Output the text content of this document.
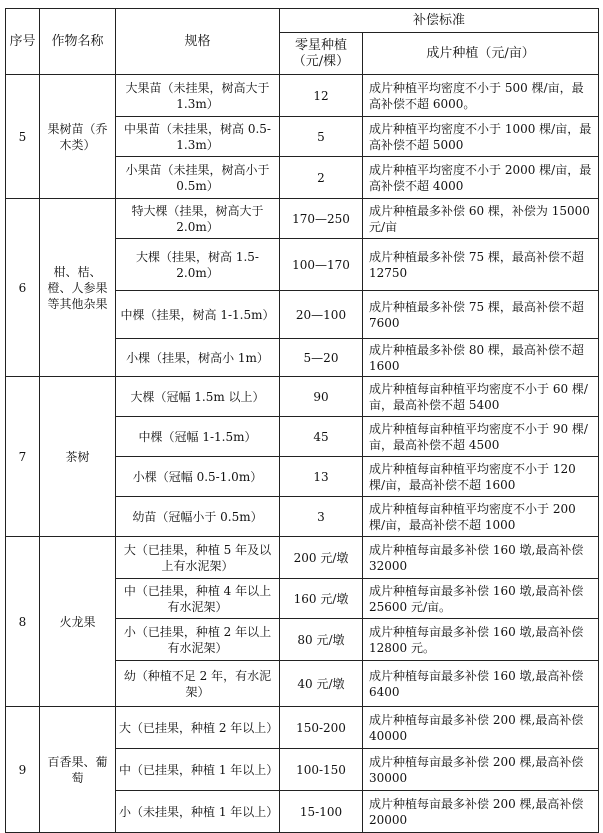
序号	作物名称	规格	补偿标准	
			零星种植（元/棵）	成片种植（元/亩）
5	果树苗（乔木类）	大果苗（未挂果，树高大于 1.3m）	12	成片种植平均密度不小于 500 棵/亩，最高补偿不超 6000。
		中果苗（未挂果，树高 0.5-1.3m）	5	成片种植平均密度不小于 1000 棵/亩，最高补偿不超 5000
		小果苗（未挂果，树高小于 0.5m）	2	成片种植平均密度不小于 2000 棵/亩，最高补偿不超 4000
6	柑、桔、橙、人参果等其他杂果	特大棵（挂果，树高大于 2.0m）	170—250	成片种植最多补偿 60 棵，补偿为 15000 元/亩
		大棵（挂果，树高 1.5-2.0m）	100—170	成片种植最多补偿 75 棵，最高补偿不超 12750
		中棵（挂果，树高 1-1.5m）	20—100	成片种植最多补偿 75 棵，最高补偿不超 7600
		小棵（挂果，树高小 1m）	5—20	成片种植最多补偿 80 棵，最高补偿不超 1600
7	茶树	大棵（冠幅 1.5m 以上）	90	成片种植每亩种植平均密度不小于 60 棵/亩，最高补偿不超 5400
		中棵（冠幅 1-1.5m）	45	成片种植每亩种植平均密度不小于 90 棵/亩，最高补偿不超 4500
		小棵（冠幅 0.5-1.0m）	13	成片种植每亩种植平均密度不小于 120 棵/亩，最高补偿不超 1600
		幼苗（冠幅小于 0.5m）	3	成片种植每亩种植平均密度不小于 200 棵/亩，最高补偿不超 1000
8	火龙果	大（已挂果，种植 5 年及以上有水泥架）	200 元/墩	成片种植每亩最多补偿 160 墩,最高补偿 32000
		中（已挂果，种植 4 年以上有水泥架）	160 元/墩	成片种植每亩最多补偿 160 墩,最高补偿 25600 元/亩。
		小（已挂果，种植 2 年以上有水泥架）	80 元/墩	成片种植每亩最多补偿 160 墩,最高补偿 12800 元。
		幼（种植不足 2 年，有水泥架）	40 元/墩	成片种植每亩最多补偿 160 墩,最高补偿 6400
9	百香果、葡萄	大（已挂果，种植 2 年以上）	150-200	成片种植每亩最多补偿 200 棵,最高补偿 40000
		中（已挂果，种植 1 年以上）	100-150	成片种植每亩最多补偿 200 棵,最高补偿 30000
		小（未挂果，种植 1 年以上）	15-100	成片种植每亩最多补偿 200 棵,最高补偿 20000
